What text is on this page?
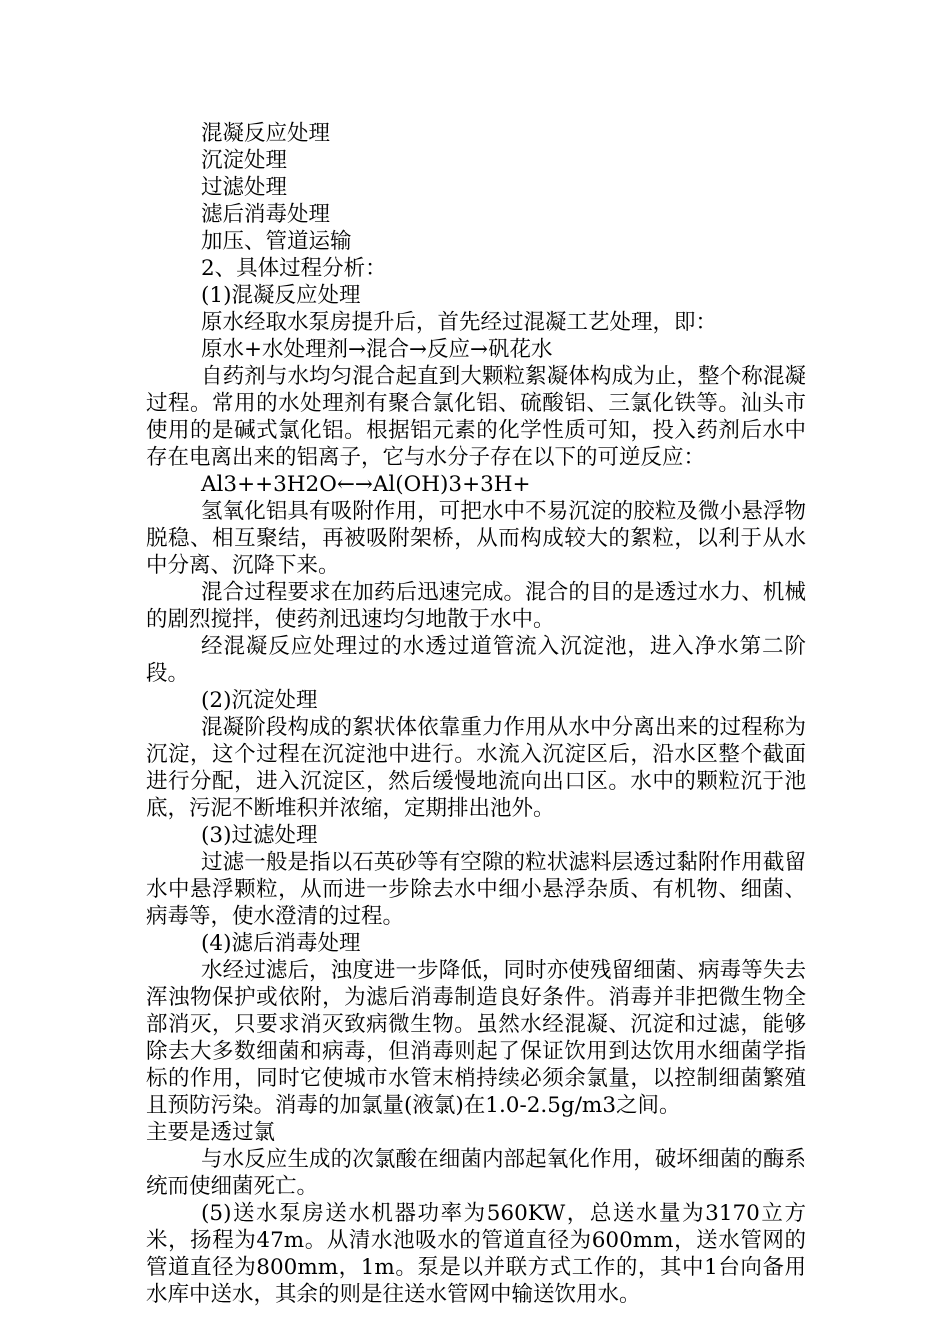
混凝反应处理
沉淀处理
过滤处理
滤后消毒处理
加压、管道运输
2、具体过程分析：
(1)混凝反应处理
原水经取水泵房提升后，首先经过混凝工艺处理，即：
原水+水处理剂→混合→反应→矾花水

自药剂与水均匀混合起直到大颗粒絮凝体构成为止，整个称混凝过程。常用的水处理剂有聚合氯化铝、硫酸铝、三氯化铁等。汕头市使用的是碱式氯化铝。根据铝元素的化学性质可知，投入药剂后水中存在电离出来的铝离子，它与水分子存在以下的可逆反应：

Al3++3H2O←→Al(OH)3+3H+

氢氧化铝具有吸附作用，可把水中不易沉淀的胶粒及微小悬浮物脱稳、相互聚结，再被吸附架桥，从而构成较大的絮粒，以利于从水中分离、沉降下来。

混合过程要求在加药后迅速完成。混合的目的是透过水力、机械的剧烈搅拌，使药剂迅速均匀地散于水中。

经混凝反应处理过的水透过道管流入沉淀池，进入净水第二阶段。

(2)沉淀处理

混凝阶段构成的絮状体依靠重力作用从水中分离出来的过程称为沉淀，这个过程在沉淀池中进行。水流入沉淀区后，沿水区整个截面进行分配，进入沉淀区，然后缓慢地流向出口区。水中的颗粒沉于池底，污泥不断堆积并浓缩，定期排出池外。

(3)过滤处理

过滤一般是指以石英砂等有空隙的粒状滤料层透过黏附作用截留水中悬浮颗粒，从而进一步除去水中细小悬浮杂质、有机物、细菌、病毒等，使水澄清的过程。

(4)滤后消毒处理

水经过滤后，浊度进一步降低，同时亦使残留细菌、病毒等失去浑浊物保护或依附，为滤后消毒制造良好条件。消毒并非把微生物全部消灭，只要求消灭致病微生物。虽然水经混凝、沉淀和过滤，能够除去大多数细菌和病毒，但消毒则起了保证饮用到达饮用水细菌学指标的作用，同时它使城市水管末梢持续必须余氯量，以控制细菌繁殖且预防污染。消毒的加氯量(液氯)在1.0-2.5g/m3之间。

主要是透过氯

与水反应生成的次氯酸在细菌内部起氧化作用，破坏细菌的酶系统而使细菌死亡。

(5)送水泵房送水机器功率为560KW，总送水量为3170立方米，扬程为47m。从清水池吸水的管道直径为600mm，送水管网的管道直径为800mm，1m。泵是以并联方式工作的，其中1台向备用水库中送水，其余的则是往送水管网中输送饮用水。
